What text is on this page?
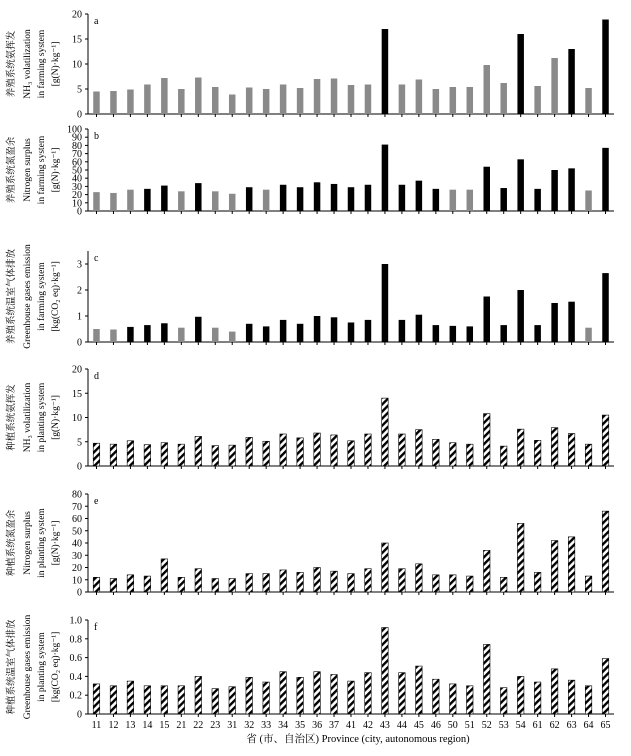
0
5
10
15
20
a
养殖系统氨挥发 NH₃ volatilization in farming system [g(N)·kg⁻¹]
0
10
20
30
40
50
60
70
80
90
100
b
养殖系统氮盈余 Nitrogen surplus in farming system [g(N)·kg⁻¹]
0
1
2
3
c
养殖系统温室气体排放 Greenhouse gases emission in farming system [kg(CO₂ eq)·kg⁻¹]
0
5
10
15
20
d
种植系统氨挥发 NH₃ volatilization in planting system [g(N)·kg⁻¹]
0
10
20
30
40
50
60
70
80
e
种植系统氮盈余 Nitrogen surplus in planting system [g(N)·kg⁻¹]
0
0.2
0.4
0.6
0.8
1.0
f
种植系统温室气体排放 Greenhouse gases emission in planting system [kg(CO₂ eq)·kg⁻¹]
11 12 13 14 15 21 22 23 31 32 33 34 35 36 37 41 42 43 44 45 46 50 51 52 53 54 61 62 63 64 65
省 (市、自治区) Province (city, autonomous region)
